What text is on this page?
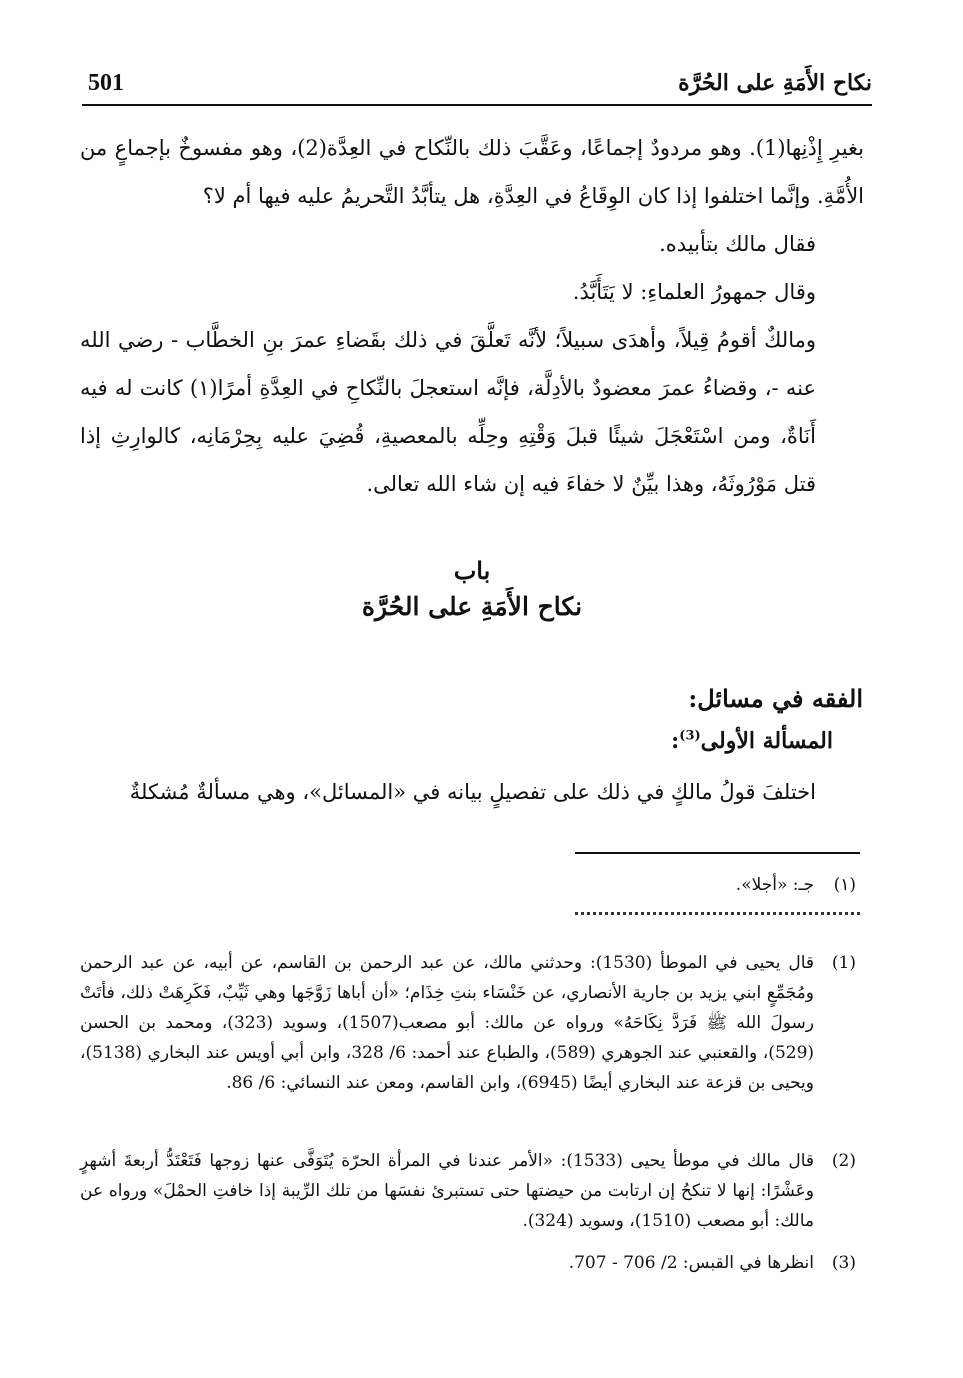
501	نكاح الأَمَةِ على الحُرَّة

بغيرِ إِذْنِها(1). وهو مردودٌ إجماعًا، وعَقَّبَ ذلك بالنِّكاح في العِدَّة(2)، وهو مفسوخٌ بإجماعٍ من الأُمَّةِ. وإنَّما اختلفوا إذا كان الوِقَاعُ في العِدَّةِ، هل يتأبَّدُ التَّحريمُ عليه فيها أم لا؟

فقال مالك بتأبيده.

وقال جمهورُ العلماءِ: لا يَتَأَبَّدُ.

ومالكٌ أقومُ قِيلاً، وأهدَى سبيلاً؛ لأنَّه تَعلَّقَ في ذلك بقَضاءِ عمرَ بنِ الخطَّاب - رضي الله عنه -، وقضاءُ عمرَ معضودٌ بالأدِلَّة، فإنَّه استعجلَ بالنِّكاحِ في العِدَّةِ أمرًا(١) كانت له فيه أَنَاةٌ، ومن اسْتَعْجَلَ شيئًا قبلَ وَقْتِهِ وحِلِّه بالمعصيةِ، قُضِيَ عليه بِحِرْمَانِه، كالوارِثِ إذا قتل مَوْرُوثَهُ، وهذا بيِّنٌ لا خفاءَ فيه إن شاء الله تعالى.

باب
نكاح الأَمَةِ على الحُرَّة
الفقه في مسائل:
المسألة الأولى$^{(3)}$:

اختلفَ قولُ مالكٍ في ذلك على تفصيلٍ بيانه في «المسائل»، وهي مسألةٌ مُشكلةٌ

(١)
جـ: «أجلا».
(1)
قال يحيى في الموطأ (1530): وحدثني مالك، عن عبد الرحمن بن القاسم، عن أبيه، عن عبد الرحمن ومُجَمِّعٍ ابني يزيد بن جارية الأنصاري، عن خَنْسَاء بنتِ خِذَام؛ «أن أباها زَوَّجَها وهي ثَيِّبٌ، فَكَرِهَتْ ذلك، فأتَتْ رسولَ الله ﷺ فَرَدَّ نِكَاحَهُ» ورواه عن مالك: أبو مصعب(1507)، وسويد (323)، ومحمد بن الحسن (529)، والقعنبي عند الجوهري (589)، والطباع عند أحمد: 6/ 328، وابن أبي أويس عند البخاري (5138)، ويحيى بن قزعة عند البخاري أيضًا (6945)، وابن القاسم، ومعن عند النسائي: 6/ 86.
(2)
قال مالك في موطأ يحيى (1533): «الأمر عندنا في المرأة الحرّة يُتَوَفَّى عنها زوجها فَتَعْتَدُّ أربعةَ أشهرٍ وعَشْرًا: إنها لا تنكحُ إن ارتابت من حيضتها حتى تستبرئ نفسَها من تلك الرِّيبة إذا خافتِ الحمْلَ» ورواه عن مالك: أبو مصعب (1510)، وسويد (324).
(3)
انظرها في القبس: 2/ 706 - 707.
